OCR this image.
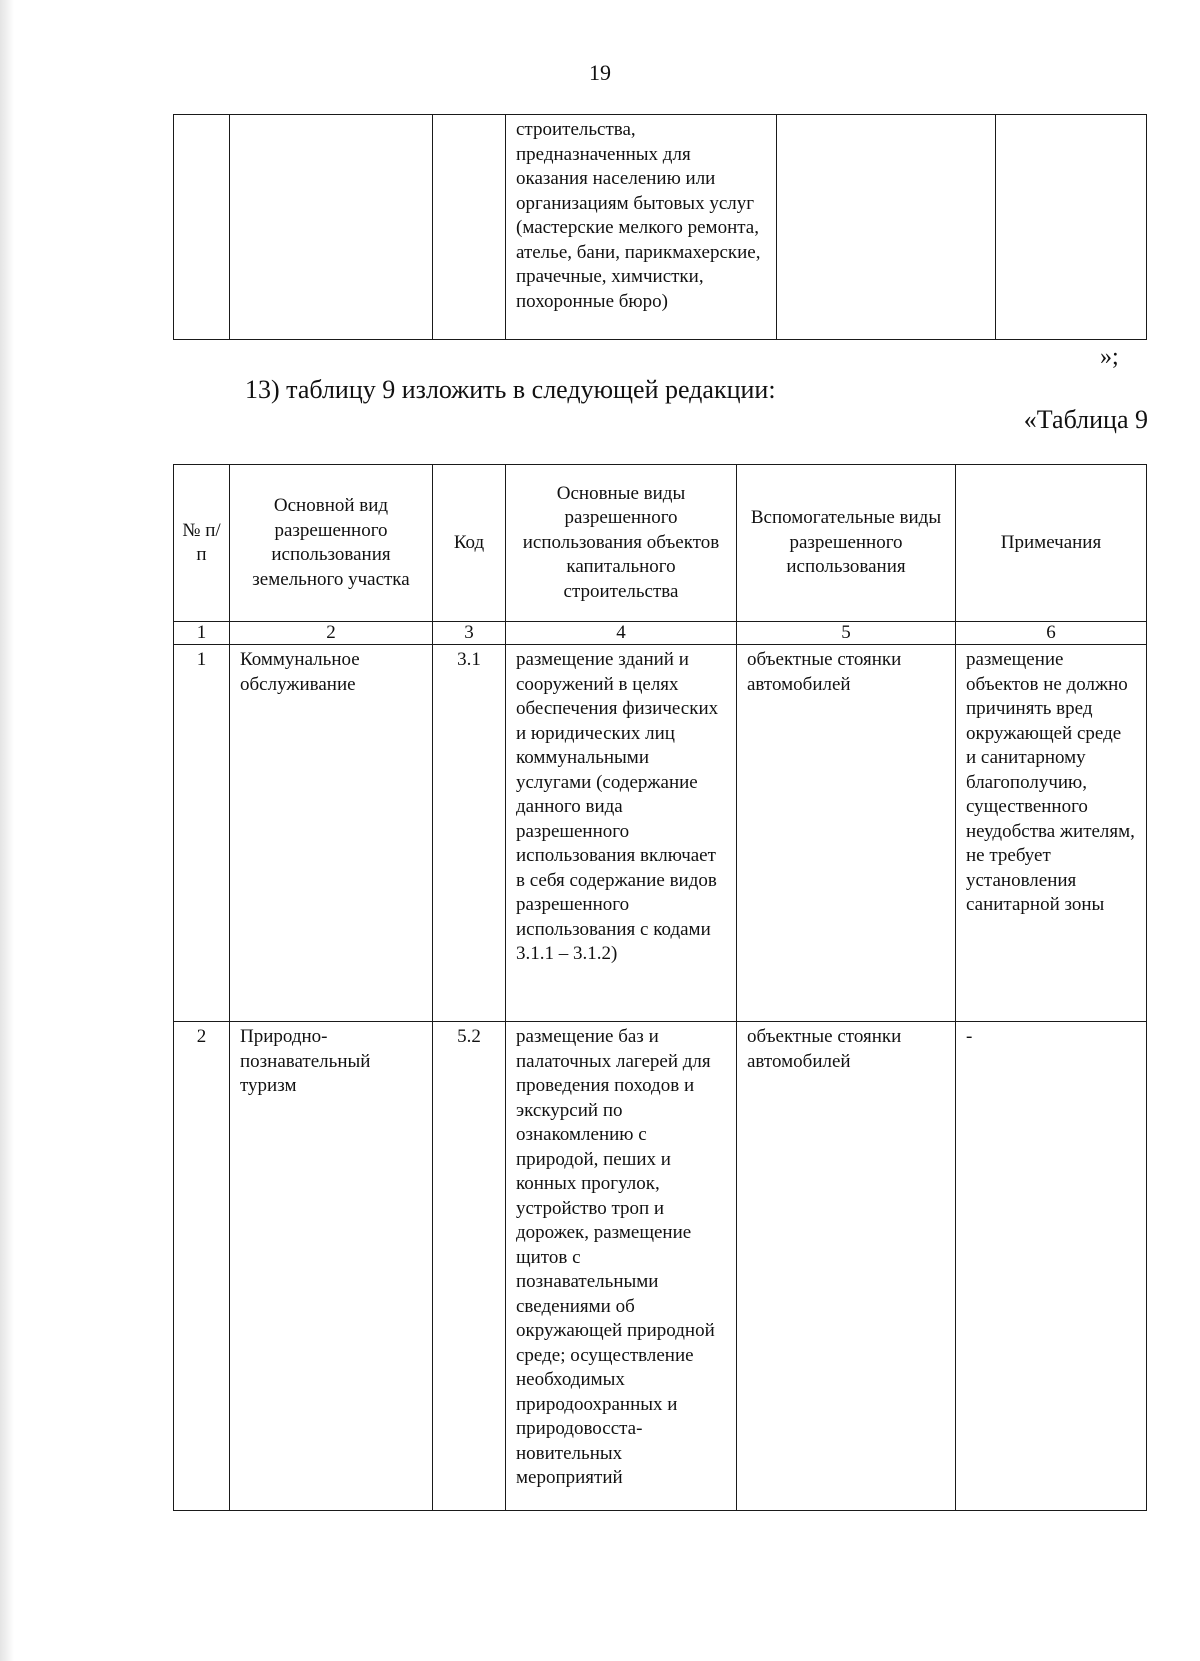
19
			строительства, предназначенных для оказания населению или организациям бытовых услуг (мастерские мелкого ремонта, ателье, бани, парикмахерские, прачечные, химчистки, похоронные бюро)		
»;
13) таблицу 9 изложить в следующей редакции:
«Таблица 9
№ п/п	Основной вид разрешенного использования земельного участка	Код	Основные виды разрешенного использования объектов капитального строительства	Вспомогательные виды разрешенного использования	Примечания
1	2	3	4	5	6
1	Коммунальное обслуживание	3.1	размещение зданий и сооружений в целях обеспечения физических и юридических лиц коммунальными услугами (содержание данного вида разрешенного использования включает в себя содержание видов разрешенного использования с кодами 3.1.1 – 3.1.2)	объектные стоянки автомобилей	размещение объектов не должно причинять вред окружающей среде и санитарному благополучию, существенного неудобства жителям, не требует установления санитарной зоны
2	Природно-познавательный туризм	5.2	размещение баз и палаточных лагерей для проведения походов и экскурсий по ознакомлению с природой, пеших и конных прогулок, устройство троп и дорожек, размещение щитов с познавательными сведениями об окружающей природной среде; осуществление необходимых природоохранных и природовосста-новительных мероприятий	объектные стоянки автомобилей	-
